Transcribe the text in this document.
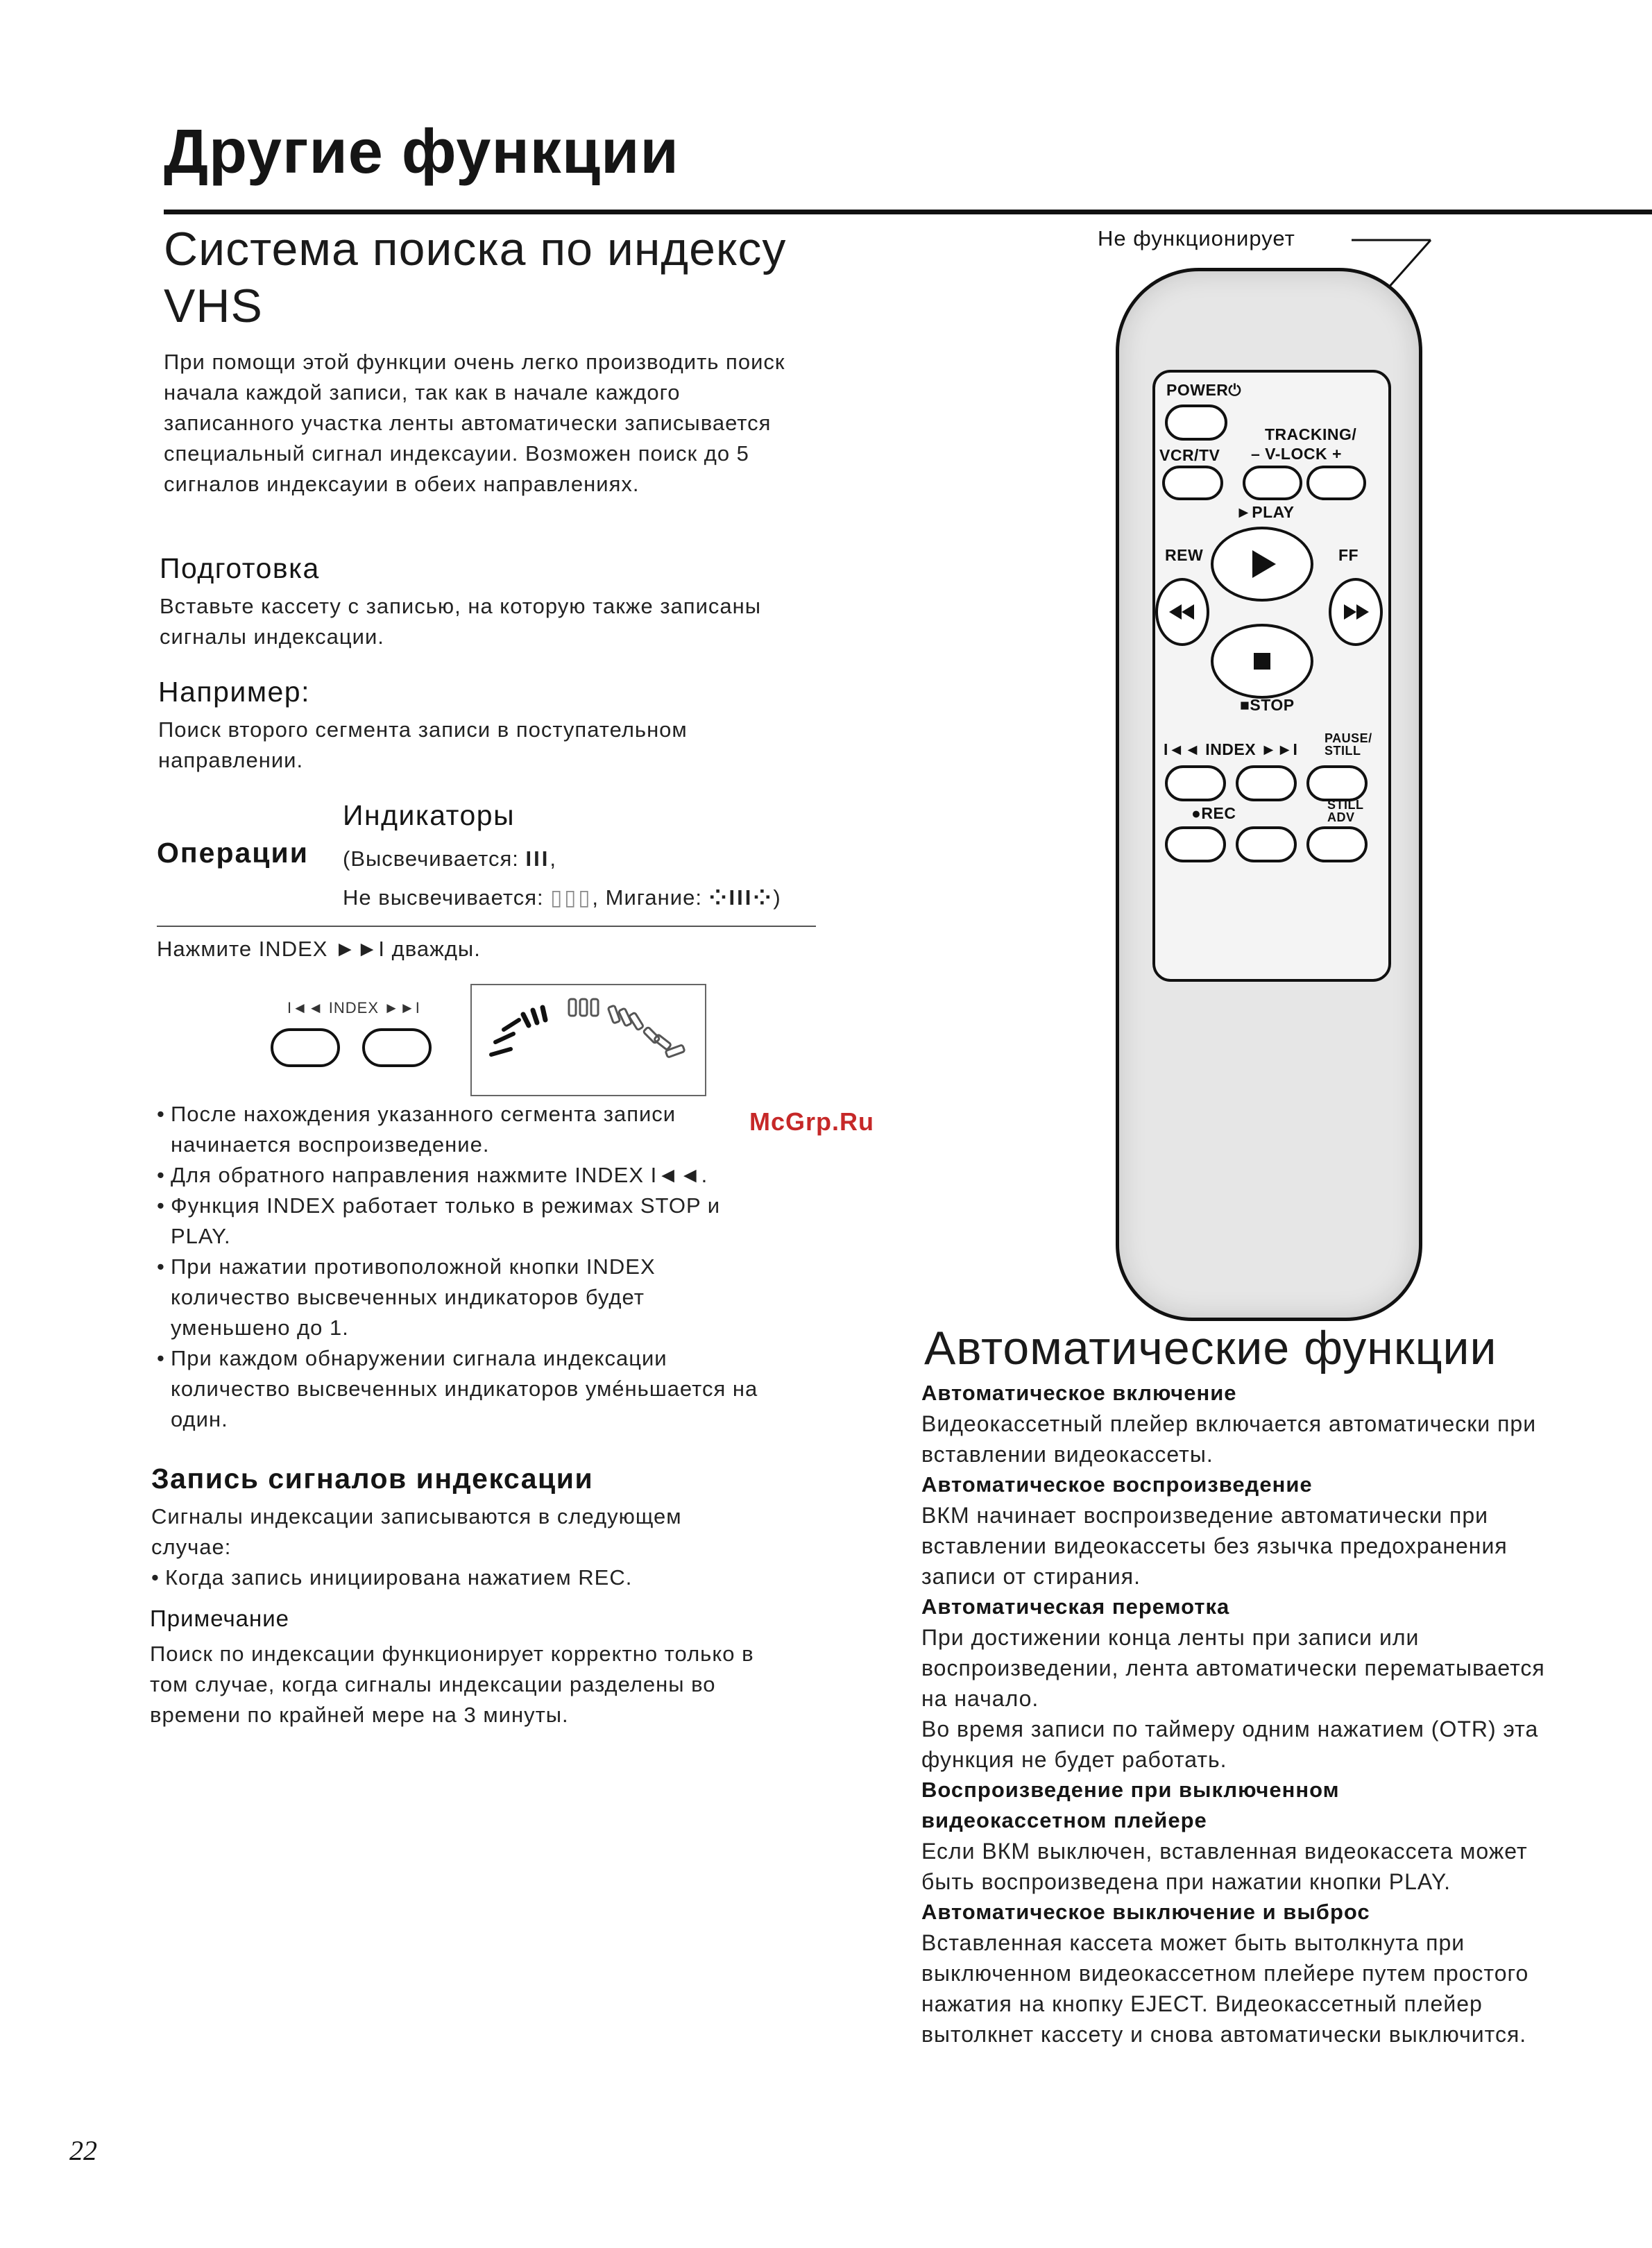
Другие функции
Система поиска по индексу VHS
При помощи этой функции очень легко производить поиск начала каждой записи, так как в начале каждого записанного участка ленты автоматически записывается специальный сигнал индексауии. Возможен поиск до 5 сигналов индексауии в обеих направлениях.
Подготовка
Вставьте кассету с записью, на которую также записаны сигналы индексации.
Например:
Поиск второго сегмента записи в поступательном направлении.
Индикаторы
Операции (Высвечивается: III,
Не высвечивается: ▯▯▯, Мигание: ⁘III⁘)
Нажмите INDEX ►►I дважды.
I◄◄ INDEX ►►I
• После нахождения указанного сегмента записи начинается воспроизведение.
• Для обратного направления нажмите INDEX I◄◄.
• Функция INDEX работает только в режимах STOP и PLAY.
• При нажатии противоположной кнопки INDEX количество высвеченных индикаторов будет уменьшено до 1.
• При каждом обнаружении сигнала индексации количество высвеченных индикаторов умéньшается на один.
Запись сигналов индексации
Сигналы индексации записываются в следующем случае:
• Когда запись инициирована нажатием REC.
Примечание
Поиск по индексации функционирует корректно только в том случае, когда сигналы индексации разделены во времени по крайней мере на 3 минуты.
22
McGrp.Ru
Не функционирует
POWER⏻
TRACKING/
VCR/TV – V-LOCK +
►PLAY
REW	FF
■STOP
I◄◄ INDEX ►►I
PAUSE/
STILL
●REC	STILL
ADV
Автоматические функции
Автоматическое включение
Видеокассетный плейер включается автоматически при вставлении видеокассеты.
Автоматическое воспроизведение
ВКМ начинает воспроизведение автоматически при вставлении видеокассеты без язычка предохранения записи от стирания.
Автоматическая перемотка
При достижении конца ленты при записи или воспроизведении, лента автоматически перематывается на начало.
Во время записи по таймеру одним нажатием (OTR) эта функция не будет работать.
Воспроизведение при выключенном видеокассетном плейере
Если ВКМ выключен, вставленная видеокассета может быть воспроизведена при нажатии кнопки PLAY.
Автоматическое выключение и выброс
Вставленная кассета может быть вытолкнута при выключенном видеокассетном плейере путем простого нажатия на кнопку EJECT. Видеокассетный плейер вытолкнет кассету и снова автоматически выключится.
